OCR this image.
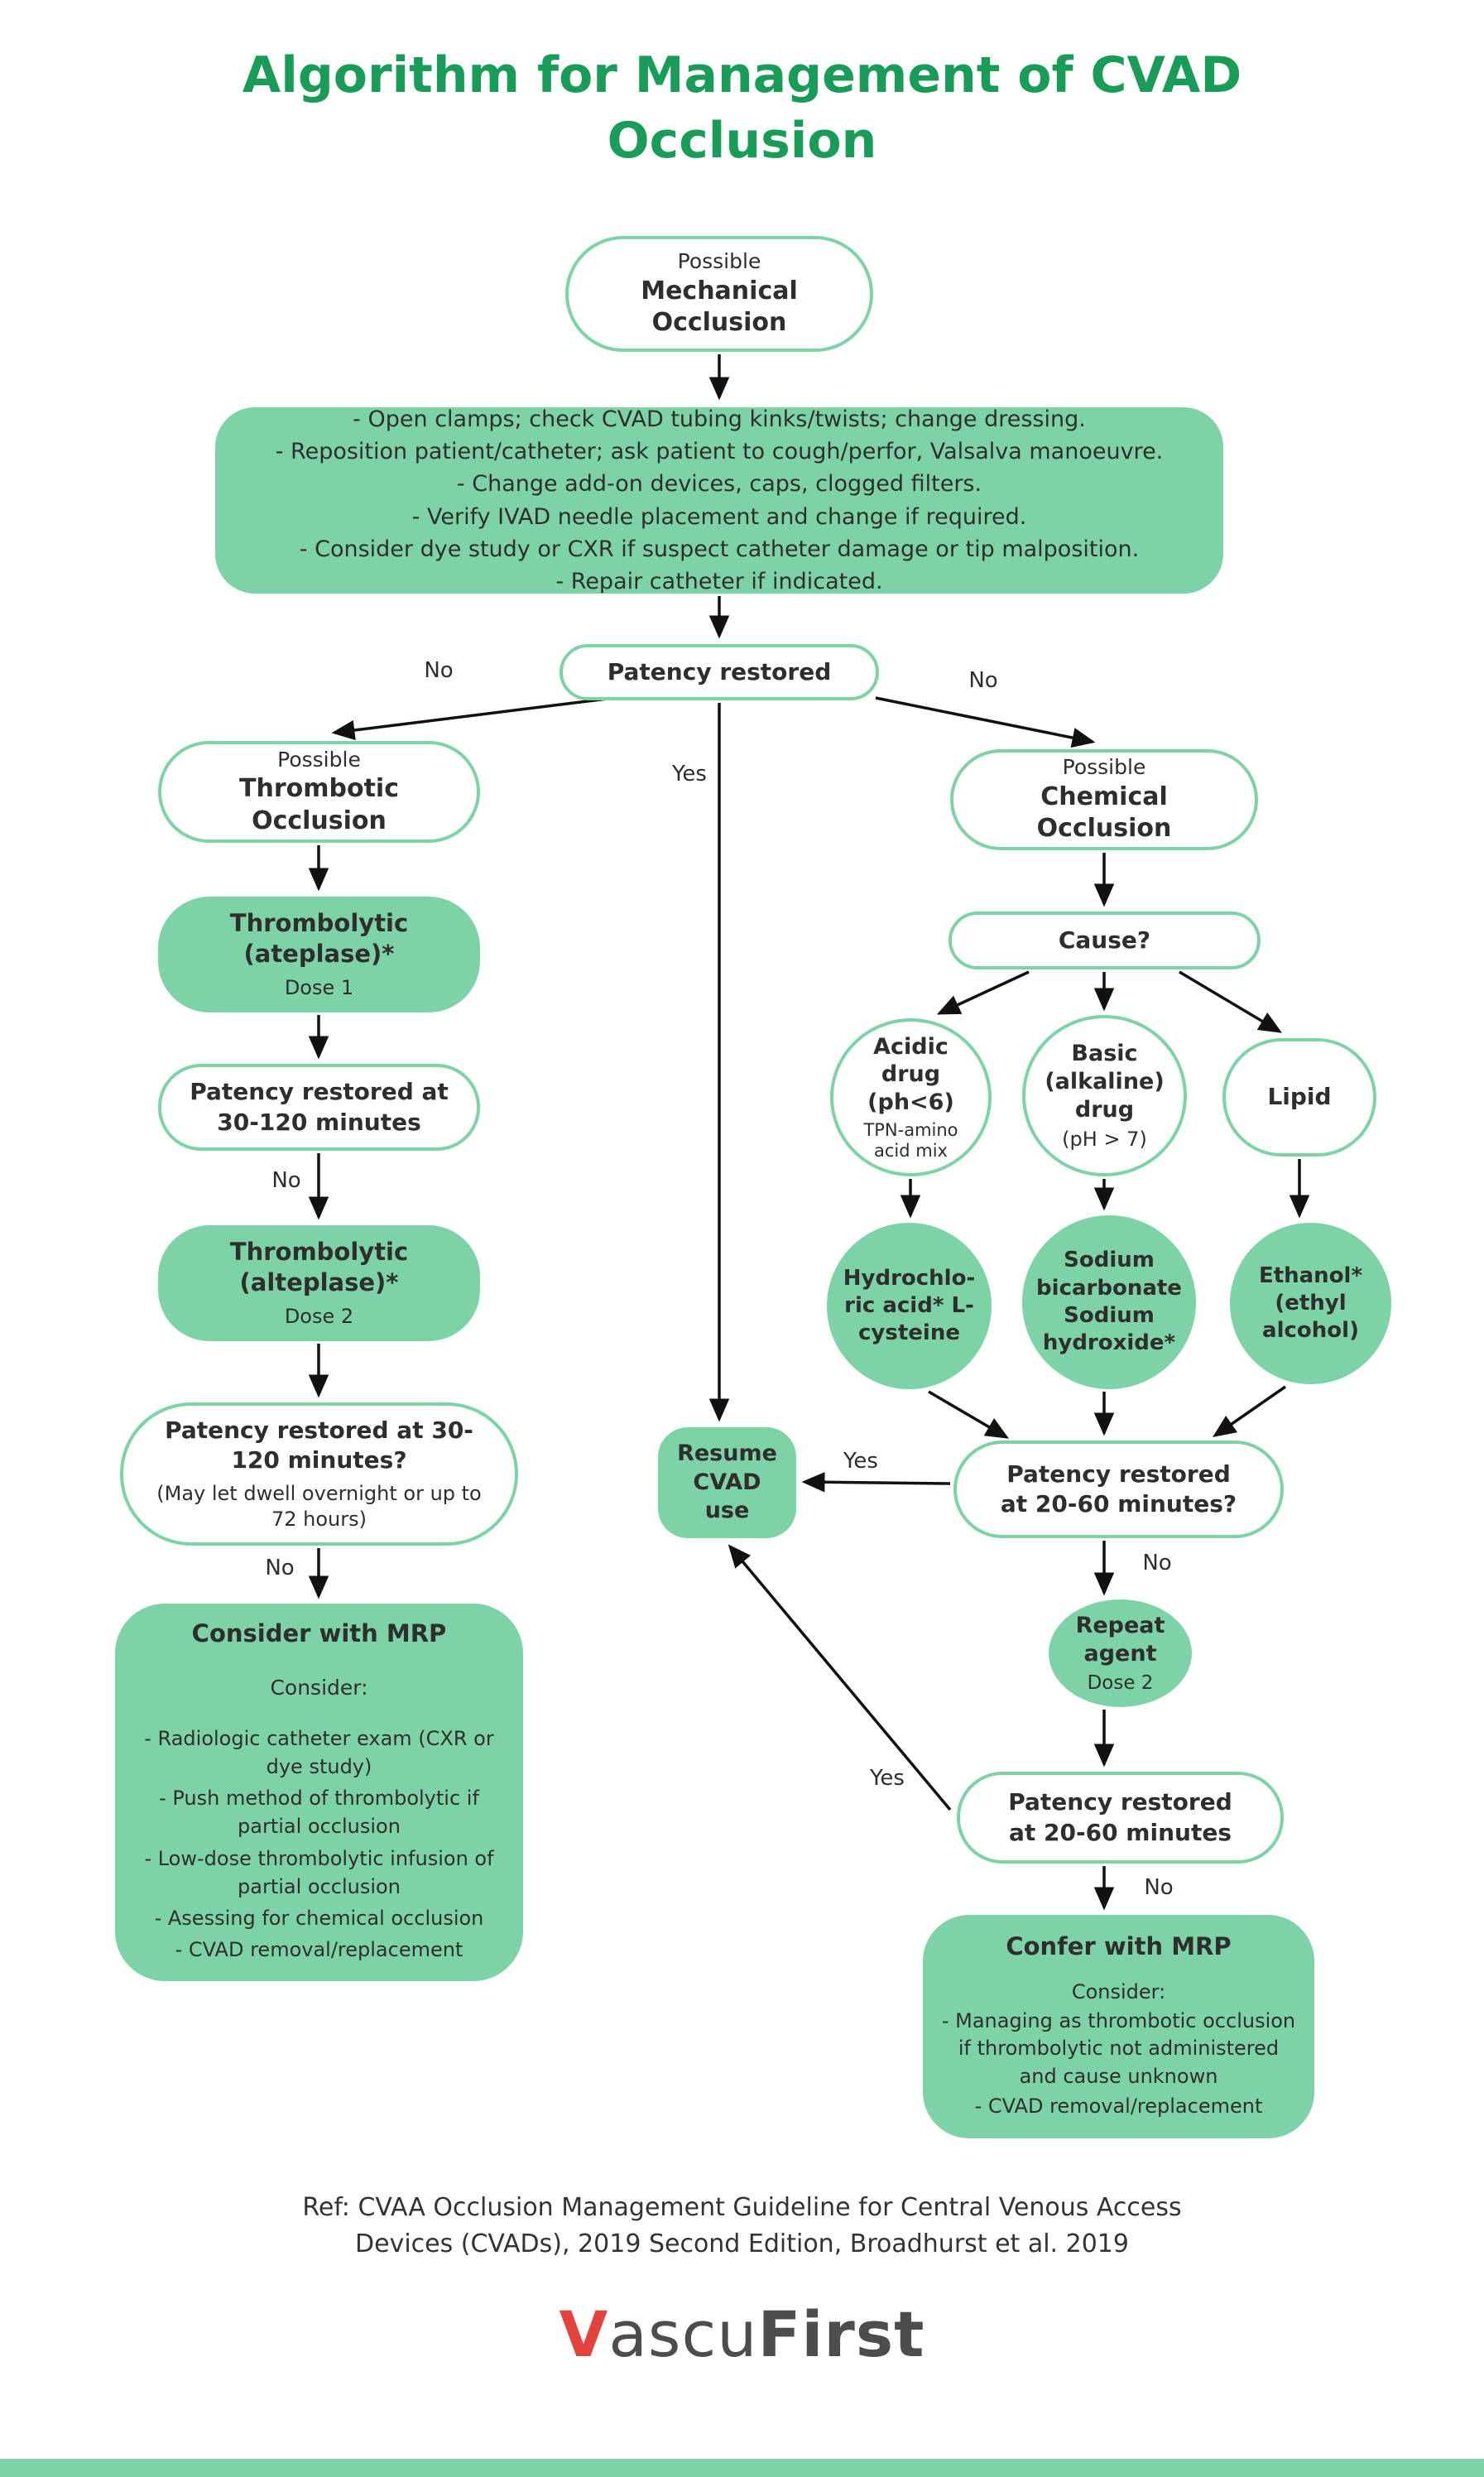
Algorithm for Management of CVAD Occlusion
No	No
Yes
No
No
Yes
No
Yes
No
Possible
Mechanical Occlusion
- Open clamps; check CVAD tubing kinks/twists; change dressing.
- Reposition patient/catheter; ask patient to cough/perfor, Valsalva manoeuvre.
- Change add-on devices, caps, clogged filters.
- Verify IVAD needle placement and change if required.
- Consider dye study or CXR if suspect catheter damage or tip malposition.
- Repair catheter if indicated.
Patency restored
Possible
Thrombotic Occlusion
Thrombolytic (ateplase)*
Dose 1
Patency restored at 30-120 minutes
Thrombolytic (alteplase)*
Dose 2
Patency restored at 30-120 minutes?
(May let dwell overnight or up to 72 hours)
Consider with MRP
Consider:
- Radiologic catheter exam (CXR or dye study)
- Push method of thrombolytic if partial occlusion
- Low-dose thrombolytic infusion of partial occlusion
- Asessing for chemical occlusion
- CVAD removal/replacement
Possible
Chemical Occlusion
Cause?
Acidic drug (ph<6)
TPN-amino acid mix
Basic (alkaline) drug
(pH > 7)
Lipid
Hydrochlo-
ric acid* L-
cysteine
Sodium bicarbonate
Sodium hydroxide*
Ethanol* (ethyl alcohol)
Resume CVAD use
Patency restored at 20-60 minutes?
Repeat agent
Dose 2
Patency restored at 20-60 minutes
Confer with MRP
Consider:
- Managing as thrombotic occlusion if thrombolytic not administered and cause unknown
- CVAD removal/replacement
Ref: CVAA Occlusion Management Guideline for Central Venous Access Devices (CVADs), 2019 Second Edition, Broadhurst et al. 2019
VascuFirst
